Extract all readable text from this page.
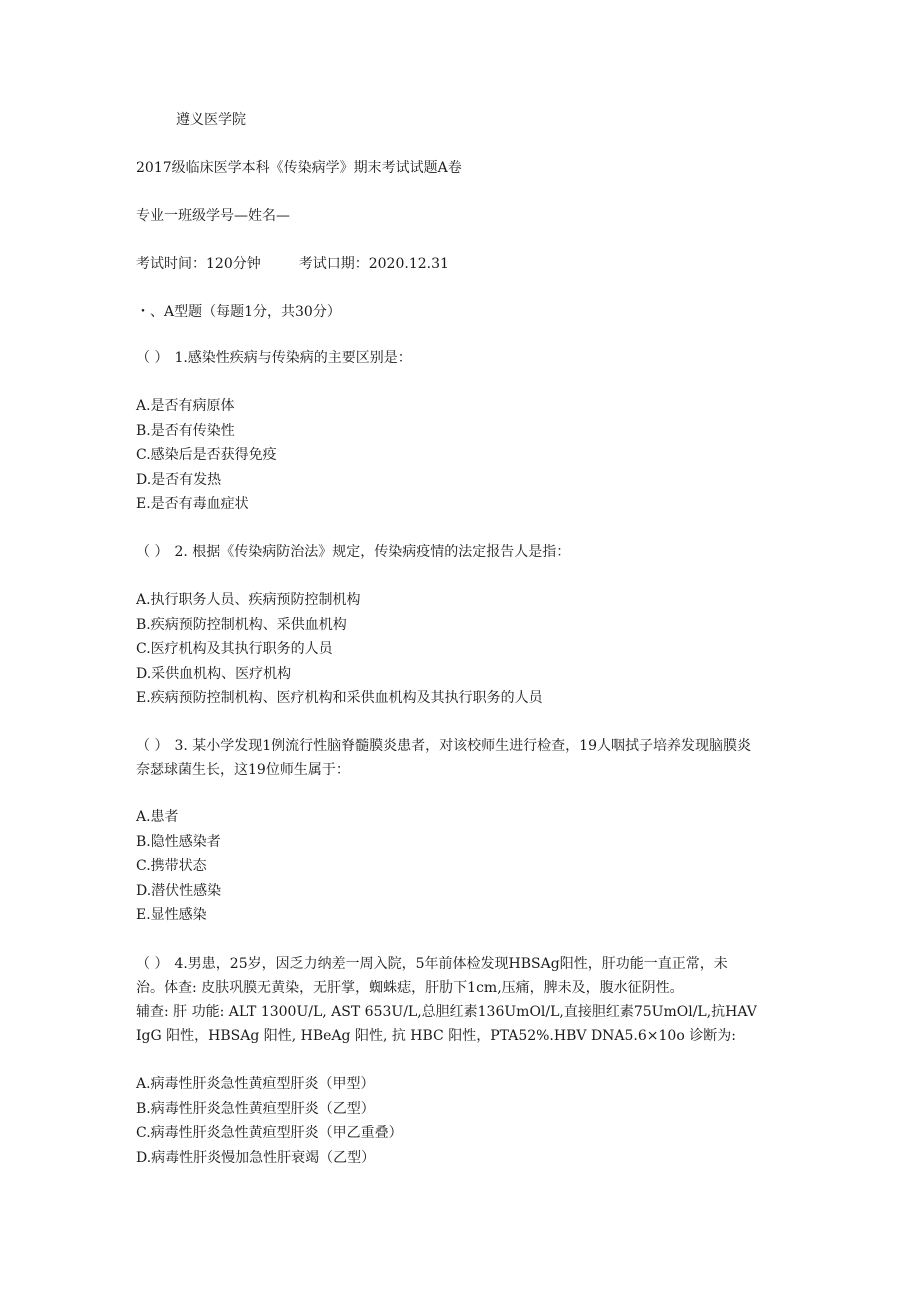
遵义医学院
2017级临床医学本科《传染病学》期末考试试题A卷
专业一班级学号—姓名—
考试时间：120分钟	考试口期：2020.12.31
・、A型题（每题1分，共30分）
（ ） 1.感染性疾病与传染病的主要区别是：
A.是否有病原体
B.是否有传染性
C.感染后是否获得免疫
D.是否有发热
E.是否有毒血症状
（ ） 2. 根据《传染病防治法》规定，传染病疫情的法定报告人是指：
A.执行职务人员、疾病预防控制机构
B.疾病预防控制机构、采供血机构
C.医疗机构及其执行职务的人员
D.采供血机构、医疗机构
E.疾病预防控制机构、医疗机构和采供血机构及其执行职务的人员
（ ） 3. 某小学发现1例流行性脑脊髓膜炎患者，对该校师生进行检查，19人咽拭子培养发现脑膜炎奈瑟球菌生长，这19位师生属于：
A.患者
B.隐性感染者
C.携带状态
D.潜伏性感染
E.显性感染
（ ） 4.男患，25岁，因乏力纳差一周入院，5年前体检发现HBSAg阳性，肝功能一直正常，未
治。体查: 皮肤巩膜无黄染，无肝掌，蜘蛛痣，肝肋下1cm,压痛，脾未及，腹水征阴性。
辅查: 肝 功能: ALT 1300U/L, AST 653U/L,总胆红素136UmOl/L,直接胆红素75UmOl/L,抗HAV
IgG 阳性，HBSAg 阳性, HBeAg 阳性, 抗 HBC 阳性，PTA52%.HBV DNA5.6×10o 诊断为:
A.病毒性肝炎急性黄疸型肝炎（甲型）
B.病毒性肝炎急性黄疸型肝炎（乙型）
C.病毒性肝炎急性黄疸型肝炎（甲乙重叠）
D.病毒性肝炎慢加急性肝衰竭（乙型）
